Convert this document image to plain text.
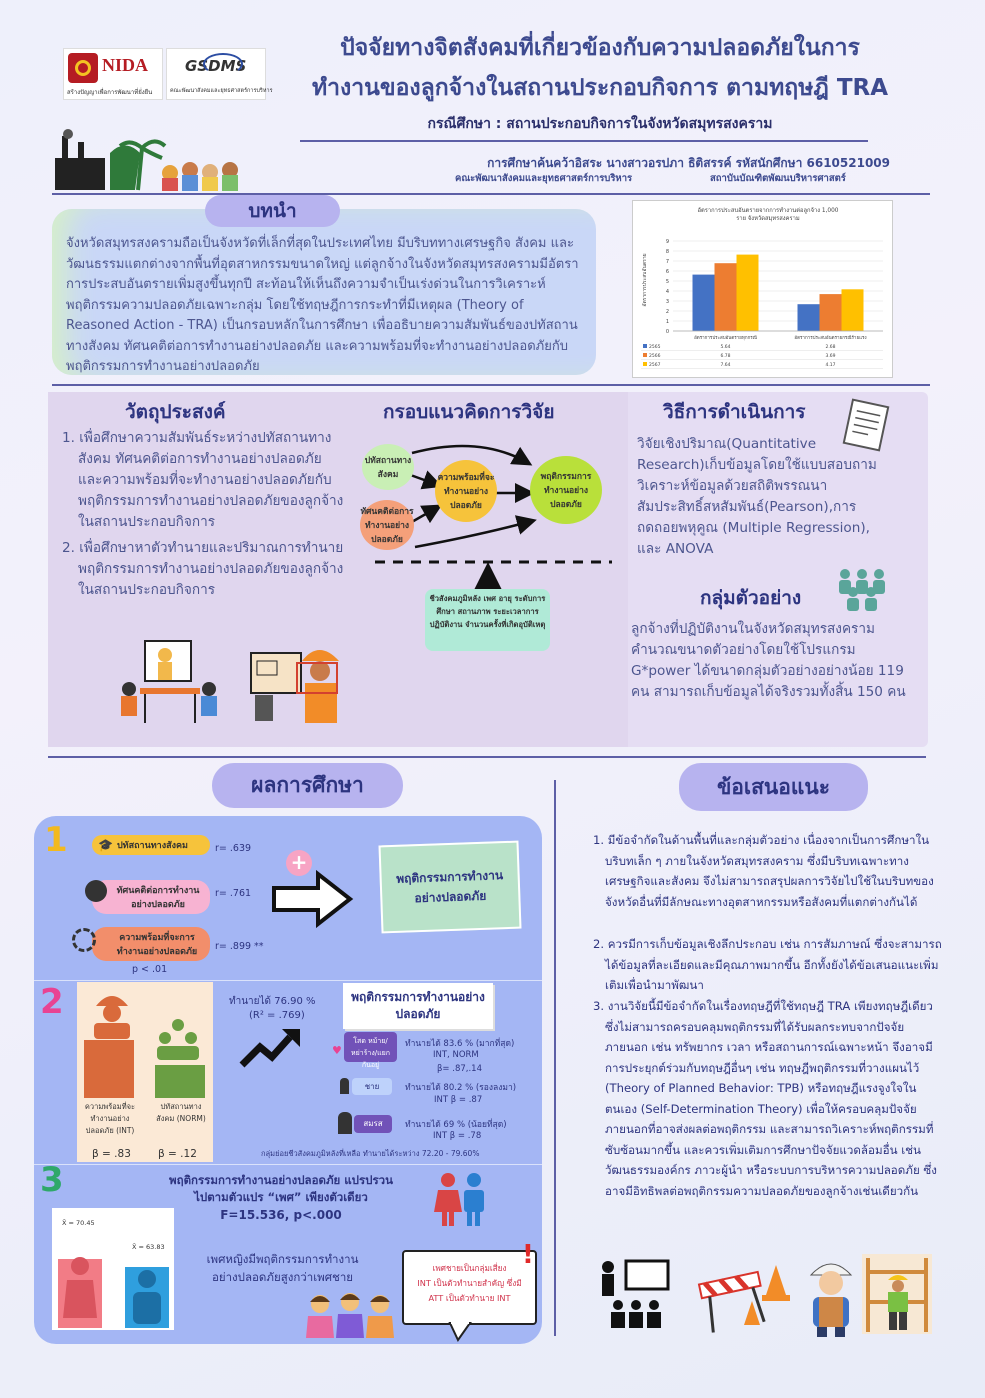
NIDA
สร้างปัญญาเพื่อการพัฒนาที่ยั่งยืน
GSDMS
คณะพัฒนาสังคมและยุทธศาสตร์การบริหาร
ปัจจัยทางจิตสังคมที่เกี่ยวข้องกับความปลอดภัยในการ
ทำงานของลูกจ้างในสถานประกอบกิจการ ตามทฤษฎี TRA
กรณีศึกษา : สถานประกอบกิจการในจังหวัดสมุทรสงคราม
การศึกษาค้นคว้าอิสระ นางสาวอรปภา ธิติสรรค์ รหัสนักศึกษา 6610521009
คณะพัฒนาสังคมและยุทธศาสตร์การบริหาร	สถาบันบัณฑิตพัฒนบริหารศาสตร์
บทนำ
จังหวัดสมุทรสงครามถือเป็นจังหวัดที่เล็กที่สุดในประเทศไทย มีบริบททางเศรษฐกิจ สังคม และวัฒนธรรมแตกต่างจากพื้นที่อุตสาหกรรมขนาดใหญ่ แต่ลูกจ้างในจังหวัดสมุทรสงครามมีอัตราการประสบอันตรายเพิ่มสูงขึ้นทุกปี สะท้อนให้เห็นถึงความจำเป็นเร่งด่วนในการวิเคราะห์พฤติกรรมความปลอดภัยเฉพาะกลุ่ม โดยใช้ทฤษฎีการกระทำที่มีเหตุผล (Theory of Reasoned Action - TRA) เป็นกรอบหลักในการศึกษา เพื่ออธิบายความสัมพันธ์ของปทัสถานทางสังคม ทัศนคติต่อการทำงานอย่างปลอดภัย และความพร้อมที่จะทำงานอย่างปลอดภัยกับพฤติกรรมการทำงานอย่างปลอดภัย
อัตราการประสบอันตรายจากการทำงานต่อลูกจ้าง 1,000 ราย จังหวัดสมุทรสงคราม
อัตราการประสบอันตราย
0
1
2
3
4
5
6
7
8
9
อัตราการประสบอันตรายทุกกรณี	อัตราการประสบอันตรายกรณีร้ายแรง
2565	5.64	2.68
2566	6.78	3.69
2567	7.64	4.17
วัตถุประสงค์
1. เพื่อศึกษาความสัมพันธ์ระหว่างปทัสถานทางสังคม ทัศนคติต่อการทำงานอย่างปลอดภัย และความพร้อมที่จะทำงานอย่างปลอดภัยกับพฤติกรรมการทำงานอย่างปลอดภัยของลูกจ้างในสถานประกอบกิจการ
2. เพื่อศึกษาหาตัวทำนายและปริมาณการทำนายพฤติกรรมการทำงานอย่างปลอดภัยของลูกจ้างในสถานประกอบกิจการ
กรอบแนวคิดการวิจัย
ปทัสถานทางสังคม
ทัศนคติต่อการทำงานอย่างปลอดภัย
ความพร้อมที่จะทำงานอย่างปลอดภัย
พฤติกรรมการทำงานอย่างปลอดภัย
ชีวสังคมภูมิหลัง เพศ อายุ ระดับการศึกษา สถานภาพ ระยะเวลาการปฏิบัติงาน จำนวนครั้งที่เกิดอุบัติเหตุ
วิธีการดำเนินการ
วิจัยเชิงปริมาณ(Quantitative Research)เก็บข้อมูลโดยใช้แบบสอบถาม วิเคราะห์ข้อมูลด้วยสถิติพรรณนา สัมประสิทธิ์สหสัมพันธ์(Pearson),การถดถอยพหุคูณ (Multiple Regression), และ ANOVA
กลุ่มตัวอย่าง
ลูกจ้างที่ปฏิบัติงานในจังหวัดสมุทรสงคราม คำนวณขนาดตัวอย่างโดยใช้โปรแกรม G*power ได้ขนาดกลุ่มตัวอย่างอย่างน้อย 119 คน สามารถเก็บข้อมูลได้จริงรวมทั้งสิ้น 150 คน
ผลการศึกษา	ข้อเสนอแนะ
1	🎓 ปทัสถานทางสังคม	r= .639
ทัศนคติต่อการทำงานอย่างปลอดภัย
r= .761
ความพร้อมที่จะการทำงานอย่างปลอดภัย	r= .899 **
p < .01
+
พฤติกรรมการทำงานอย่างปลอดภัย
2
ความพร้อมที่จะทำงานอย่างปลอดภัย (INT)
β = .83
ปทัสถานทางสังคม (NORM)
β = .12
ทำนายได้ 76.90 %
(R² = .769)
พฤติกรรมการทำงานอย่างปลอดภัย
โสด หม้าย/หย่าร้าง/แยกกันอยู่
♥	ทำนายได้ 83.6 % (มากที่สุด)
INT, NORM
β= .87,.14
ชาย	ทำนายได้ 80.2 % (รองลงมา)
INT β = .87
สมรส	ทำนายได้ 69 % (น้อยที่สุด)
INT β = .78
กลุ่มย่อยชีวสังคมภูมิหลังที่เหลือ ทำนายได้ระหว่าง 72.20 - 79.60%
3	พฤติกรรมการทำงานอย่างปลอดภัย แปรปรวน
ไปตามตัวแปร “เพศ” เพียงตัวเดียว
F=15.536, p<.000
X̄ = 70.45
X̄ = 63.83
เพศหญิงมีพฤติกรรมการทำงาน
อย่างปลอดภัยสูงกว่าเพศชาย
เพศชายเป็นกลุ่มเสี่ยง
INT เป็นตัวทำนายสำคัญ ซึ่งมี
ATT เป็นตัวทำนาย INT
!
1. มีข้อจำกัดในด้านพื้นที่และกลุ่มตัวอย่าง เนื่องจากเป็นการศึกษาในบริบทเล็ก ๆ ภายในจังหวัดสมุทรสงคราม ซึ่งมีบริบทเฉพาะทางเศรษฐกิจและสังคม จึงไม่สามารถสรุปผลการวิจัยไปใช้ในบริบทของจังหวัดอื่นที่มีลักษณะทางอุตสาหกรรมหรือสังคมที่แตกต่างกันได้
2. ควรมีการเก็บข้อมูลเชิงลึกประกอบ เช่น การสัมภาษณ์ ซึ่งจะสามารถได้ข้อมูลที่ละเอียดและมีคุณภาพมากขึ้น อีกทั้งยังได้ข้อเสนอแนะเพิ่มเติมเพื่อนำมาพัฒนา
3. งานวิจัยนี้มีข้อจำกัดในเรื่องทฤษฎีที่ใช้ทฤษฎี TRA เพียงทฤษฎีเดียว ซึ่งไม่สามารถครอบคลุมพฤติกรรมที่ได้รับผลกระทบจากปัจจัยภายนอก เช่น ทรัพยากร เวลา หรือสถานการณ์เฉพาะหน้า จึงอาจมีการประยุกต์ร่วมกับทฤษฎีอื่นๆ เช่น ทฤษฎีพฤติกรรมที่วางแผนไว้ (Theory of Planned Behavior: TPB) หรือทฤษฎีแรงจูงใจในตนเอง (Self-Determination Theory) เพื่อให้ครอบคลุมปัจจัยภายนอกที่อาจส่งผลต่อพฤติกรรม และสามารถวิเคราะห์พฤติกรรมที่ซับซ้อนมากขึ้น และควรเพิ่มเติมการศึกษาปัจจัยแวดล้อมอื่น เช่น วัฒนธรรมองค์กร ภาวะผู้นำ หรือระบบการบริหารความปลอดภัย ซึ่งอาจมีอิทธิพลต่อพฤติกรรมความปลอดภัยของลูกจ้างเช่นเดียวกัน
